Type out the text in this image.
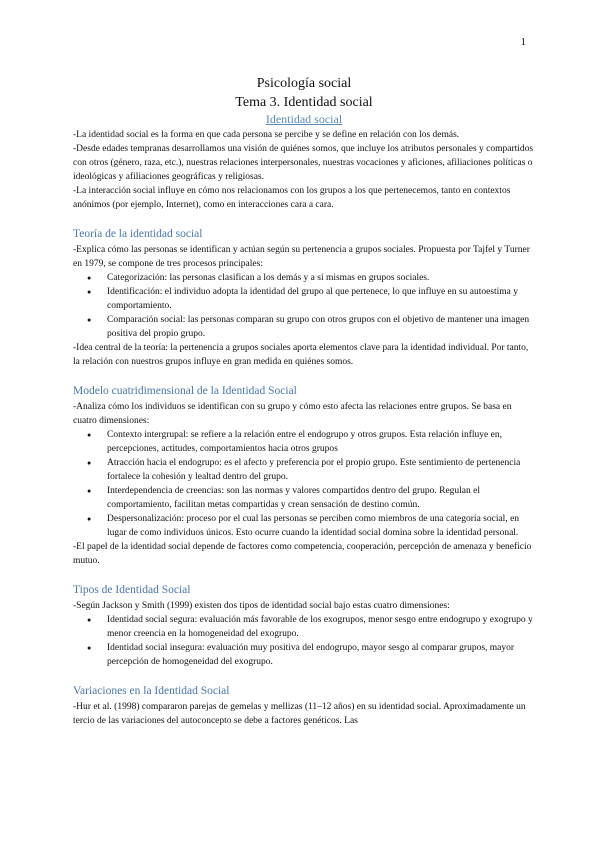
1
Psicología social
Tema 3. Identidad social
Identidad social

-La identidad social es la forma en que cada persona se percibe y se define en relación con los demás.

-Desde edades tempranas desarrollamos una visión de quiénes somos, que incluye los atributos personales y compartidos con otros (género, raza, etc.), nuestras relaciones interpersonales, nuestras vocaciones y aficiones, afiliaciones políticas o ideológicas y afiliaciones geográficas y religiosas.

-La interacción social influye en cómo nos relacionamos con los grupos a los que pertenecemos, tanto en contextos anónimos (por ejemplo, Internet), como en interacciones cara a cara.

Teoría de la identidad social

-Explica cómo las personas se identifican y actúan según su pertenencia a grupos sociales. Propuesta por Tajfel y Turner en 1979, se compone de tres procesos principales:

● Categorización: las personas clasifican a los demás y a sí mismas en grupos sociales.
● Identificación: el individuo adopta la identidad del grupo al que pertenece, lo que influye en su autoestima y comportamiento.
● Comparación social: las personas comparan su grupo con otros grupos con el objetivo de mantener una imagen positiva del propio grupo.

-Idea central de la teoría: la pertenencia a grupos sociales aporta elementos clave para la identidad individual. Por tanto, la relación con nuestros grupos influye en gran medida en quiénes somos.

Modelo cuatridimensional de la Identidad Social

-Analiza cómo los individuos se identifican con su grupo y cómo esto afecta las relaciones entre grupos. Se basa en cuatro dimensiones:

● Contexto intergrupal: se refiere a la relación entre el endogrupo y otros grupos. Esta relación influye en, percepciones, actitudes, comportamientos hacia otros grupos
● Atracción hacia el endogrupo: es el afecto y preferencia por el propio grupo. Este sentimiento de pertenencia fortalece la cohesión y lealtad dentro del grupo.
● Interdependencia de creencias: son las normas y valores compartidos dentro del grupo. Regulan el comportamiento, facilitan metas compartidas y crean sensación de destino común.
● Despersonalización: proceso por el cual las personas se perciben como miembros de una categoría social, en lugar de como individuos únicos. Esto ocurre cuando la identidad social domina sobre la identidad personal.

-El papel de la identidad social depende de factores como competencia, cooperación, percepción de amenaza y beneficio mutuo.

Tipos de Identidad Social

-Según Jackson y Smith (1999) existen dos tipos de identidad social bajo estas cuatro dimensiones:

● Identidad social segura: evaluación más favorable de los exogrupos, menor sesgo entre endogrupo y exogrupo y menor creencia en la homogeneidad del exogrupo.
● Identidad social insegura: evaluación muy positiva del endogrupo, mayor sesgo al comparar grupos, mayor percepción de homogeneidad del exogrupo.
Variaciones en la Identidad Social

-Hur et al. (1998) compararon parejas de gemelas y mellizas (11–12 años) en su identidad social. Aproximadamente un tercio de las variaciones del autoconcepto se debe a factores genéticos. Las
